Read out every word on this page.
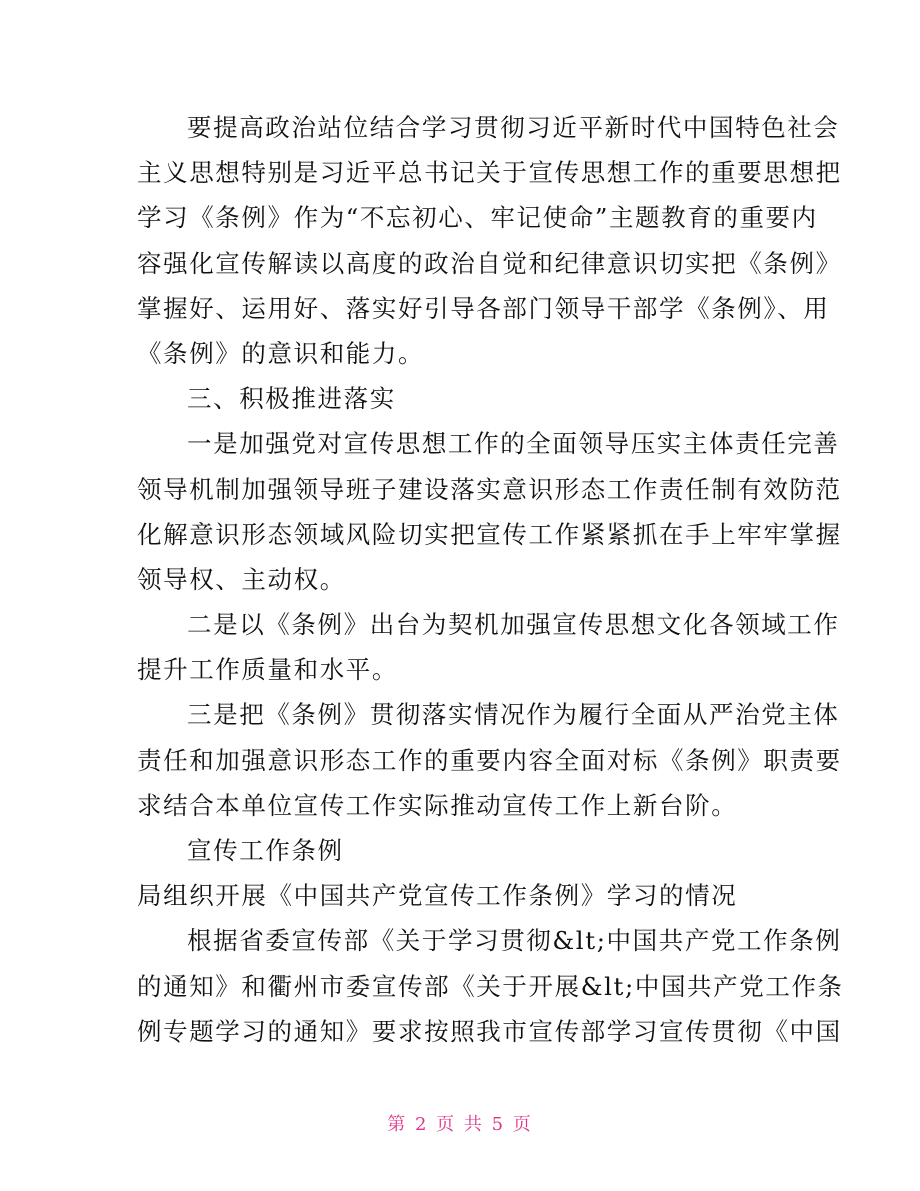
要提高政治站位结合学习贯彻习近平新时代中国特色社会
主义思想特别是习近平总书记关于宣传思想工作的重要思想把
学习《条例》作为“不忘初心、牢记使命”主题教育的重要内
容强化宣传解读以高度的政治自觉和纪律意识切实把《条例》
掌握好、运用好、落实好引导各部门领导干部学《条例》、用
《条例》的意识和能力。
三、积极推进落实
一是加强党对宣传思想工作的全面领导压实主体责任完善
领导机制加强领导班子建设落实意识形态工作责任制有效防范
化解意识形态领域风险切实把宣传工作紧紧抓在手上牢牢掌握
领导权、主动权。
二是以《条例》出台为契机加强宣传思想文化各领域工作
提升工作质量和水平。
三是把《条例》贯彻落实情况作为履行全面从严治党主体
责任和加强意识形态工作的重要内容全面对标《条例》职责要
求结合本单位宣传工作实际推动宣传工作上新台阶。
宣传工作条例
局组织开展《中国共产党宣传工作条例》学习的情况
根据省委宣传部《关于学习贯彻&lt;中国共产党工作条例
的通知》和衢州市委宣传部《关于开展&lt;中国共产党工作条
例专题学习的通知》要求按照我市宣传部学习宣传贯彻《中国
第 2 页 共 5 页
